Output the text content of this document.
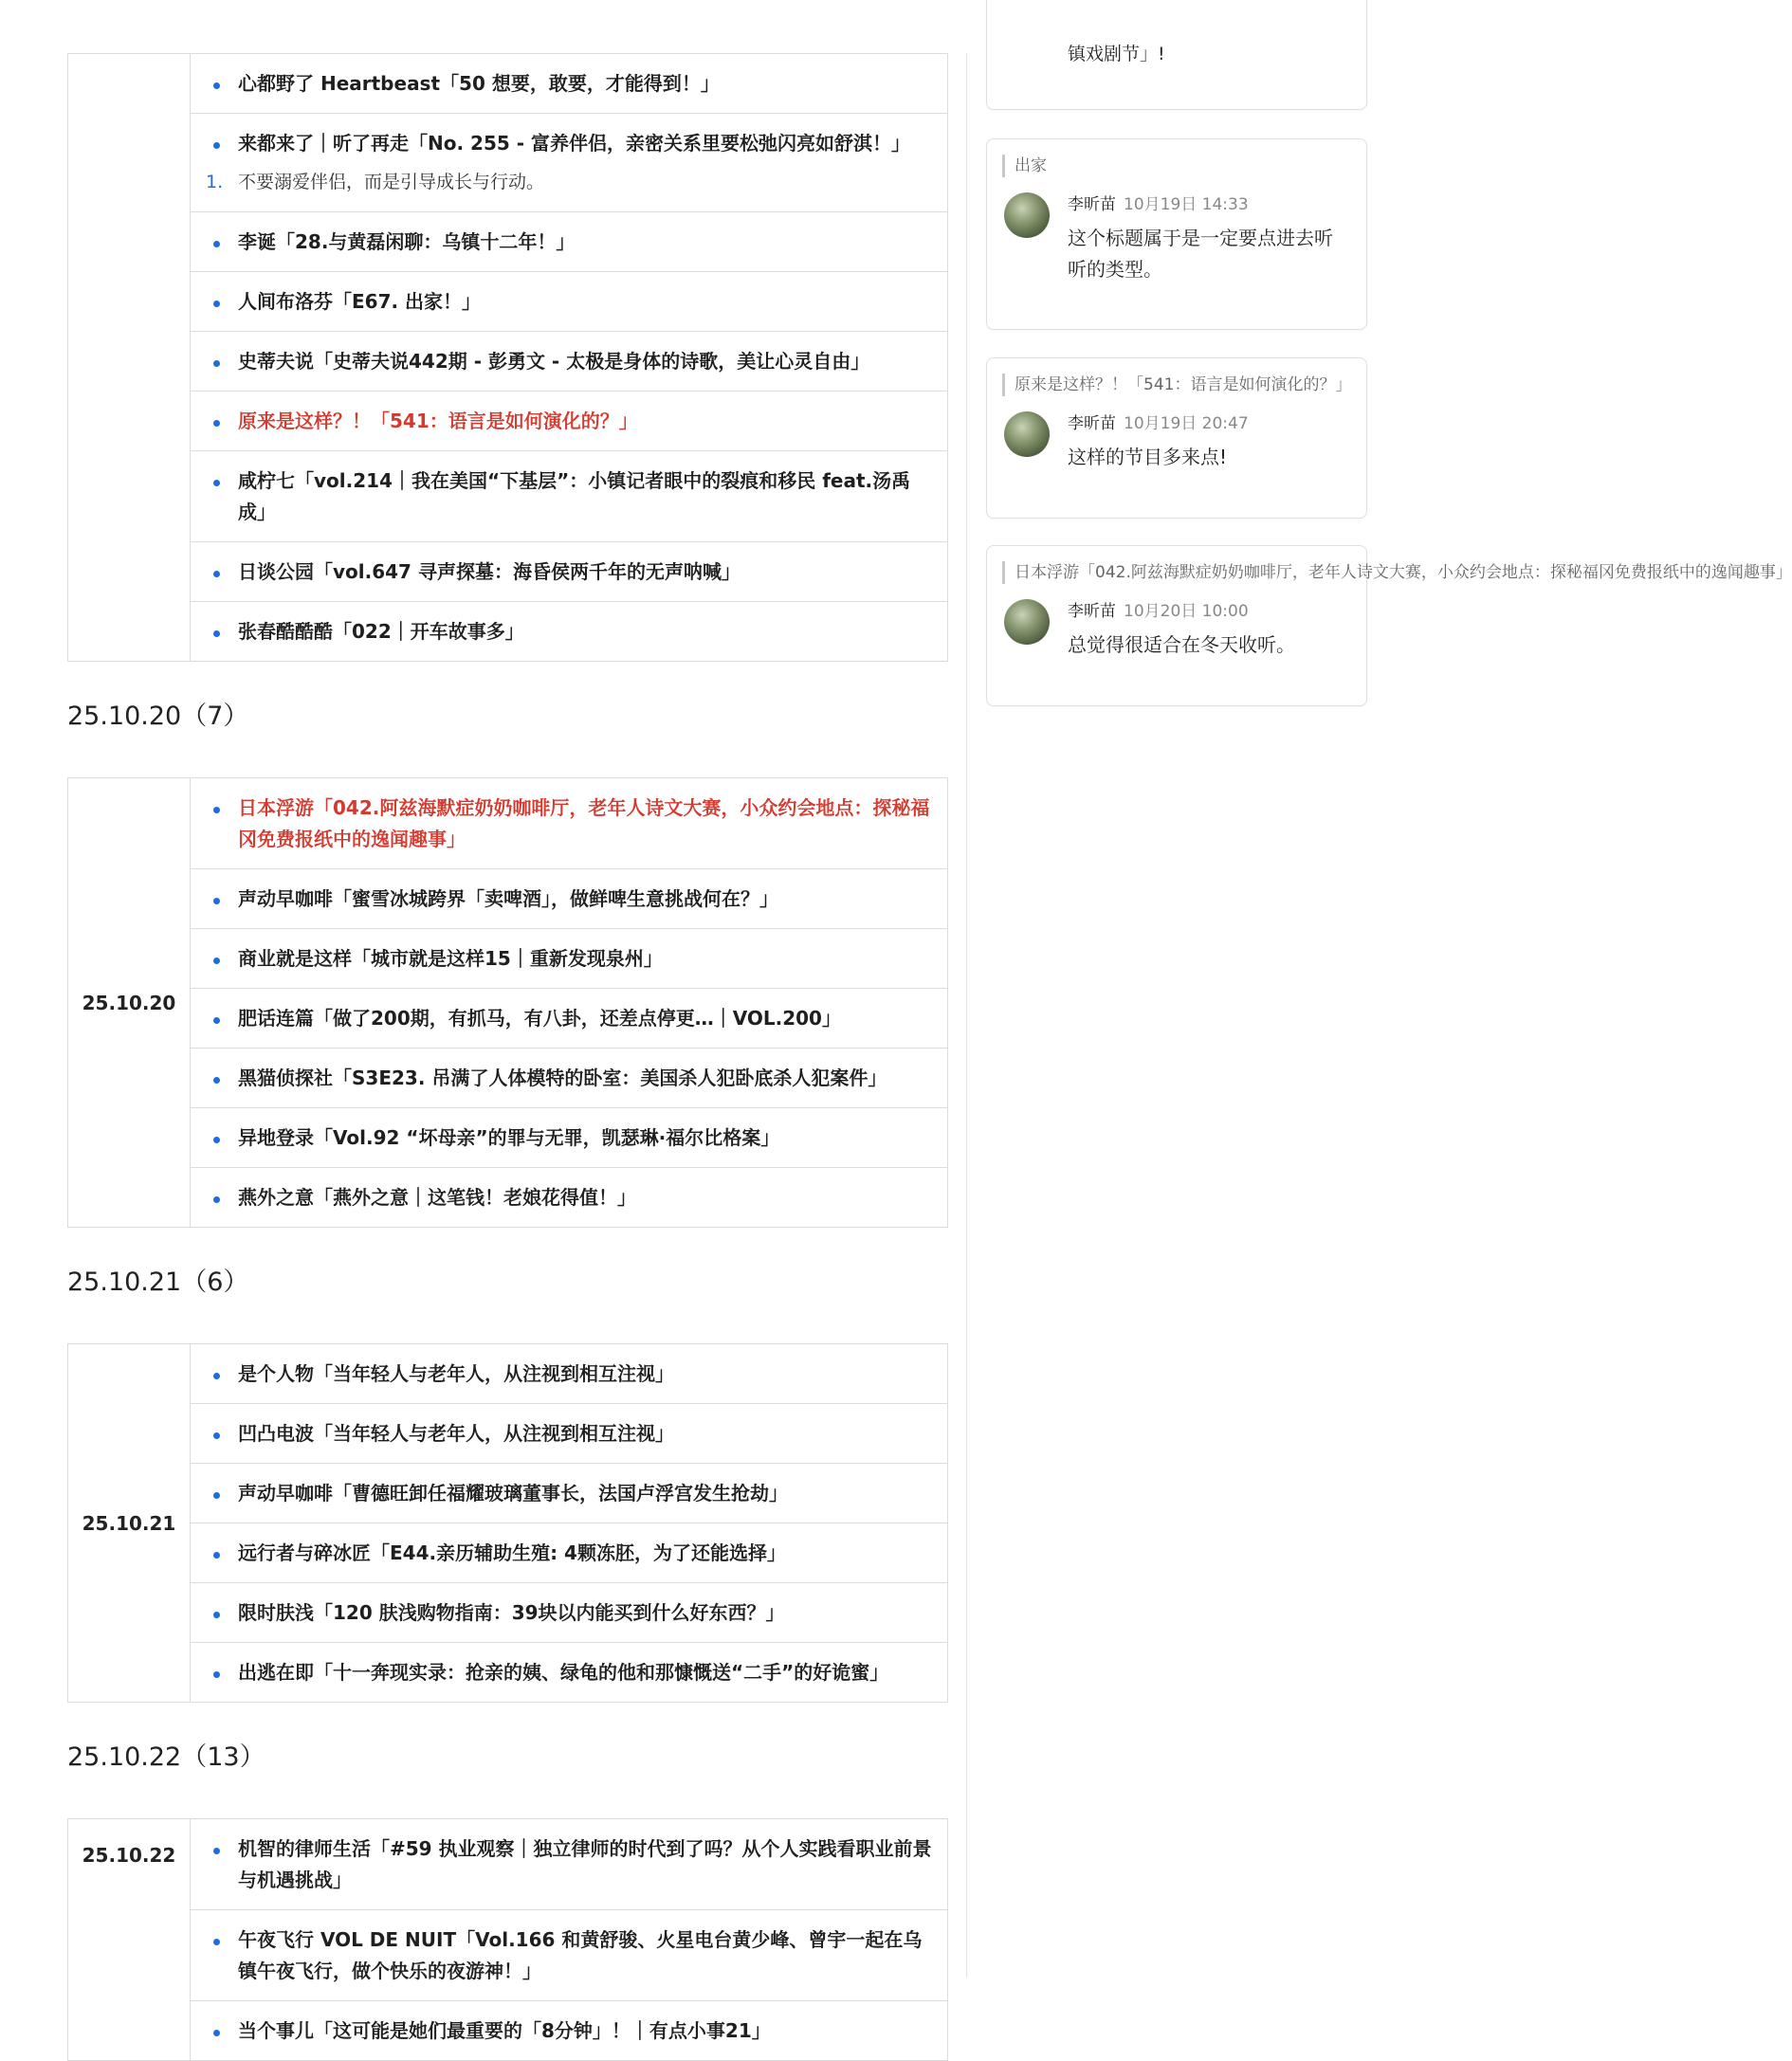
	心都野了 Heartbeast「50 想要，敢要，才能得到！」
来都来了｜听了再走「No. 255 - 富养伴侣，亲密关系里要松弛闪亮如舒淇！」
1. 不要溺爱伴侣，而是引导成长与行动。

李诞「28.与黄磊闲聊：乌镇十二年！」
人间布洛芬「E67. 出家！」
史蒂夫说「史蒂夫说442期 - 彭勇文 - 太极是身体的诗歌，美让心灵自由」
原来是这样？！「541：语言是如何演化的？」
咸柠七「vol.214｜我在美国“下基层”：小镇记者眼中的裂痕和移民 feat.汤禹成」
日谈公园「vol.647 寻声探墓：海昏侯两千年的无声呐喊」
张春酷酷酷「022｜开车故事多」
25.10.20（7）
25.10.20	日本浮游「042.阿兹海默症奶奶咖啡厅，老年人诗文大赛，小众约会地点：探秘福冈免费报纸中的逸闻趣事」
声动早咖啡「蜜雪冰城跨界「卖啤酒」，做鲜啤生意挑战何在？」
商业就是这样「城市就是这样15｜重新发现泉州」
肥话连篇「做了200期，有抓马，有八卦，还差点停更…｜VOL.200」
黑猫侦探社「S3E23. 吊满了人体模特的卧室：美国杀人犯卧底杀人犯案件」
异地登录「Vol.92 “坏母亲”的罪与无罪，凯瑟琳·福尔比格案」
燕外之意「燕外之意｜这笔钱！老娘花得值！」
25.10.21（6）
25.10.21	是个人物「当年轻人与老年人，从注视到相互注视」
凹凸电波「当年轻人与老年人，从注视到相互注视」
声动早咖啡「曹德旺卸任福耀玻璃董事长，法国卢浮宫发生抢劫」
远行者与碎冰匠「E44.亲历辅助生殖: 4颗冻胚，为了还能选择」
限时肤浅「120 肤浅购物指南：39块以内能买到什么好东西？」
出逃在即「十一奔现实录：抢亲的姨、绿龟的他和那慷慨送“二手”的好诡蜜」
25.10.22（13）
25.10.22	机智的律师生活「#59 执业观察｜独立律师的时代到了吗？从个人实践看职业前景与机遇挑战」
午夜飞行 VOL DE NUIT「Vol.166 和黄舒骏、火星电台黄少峰、曾宇一起在乌镇午夜飞行，做个快乐的夜游神！」
当个事儿「这可能是她们最重要的「8分钟」！｜有点小事21」
镇戏剧节」!
出家
李昕苗 10月19日 14:33
这个标题属于是一定要点进去听听的类型。
原来是这样？！「541：语言是如何演化的？」
李昕苗 10月19日 20:47
这样的节目多来点!
日本浮游「042.阿兹海默症奶奶咖啡厅，老年人诗文大赛，小众约会地点：探秘福冈免费报纸中的逸闻趣事」
李昕苗 10月20日 10:00
总觉得很适合在冬天收听。
